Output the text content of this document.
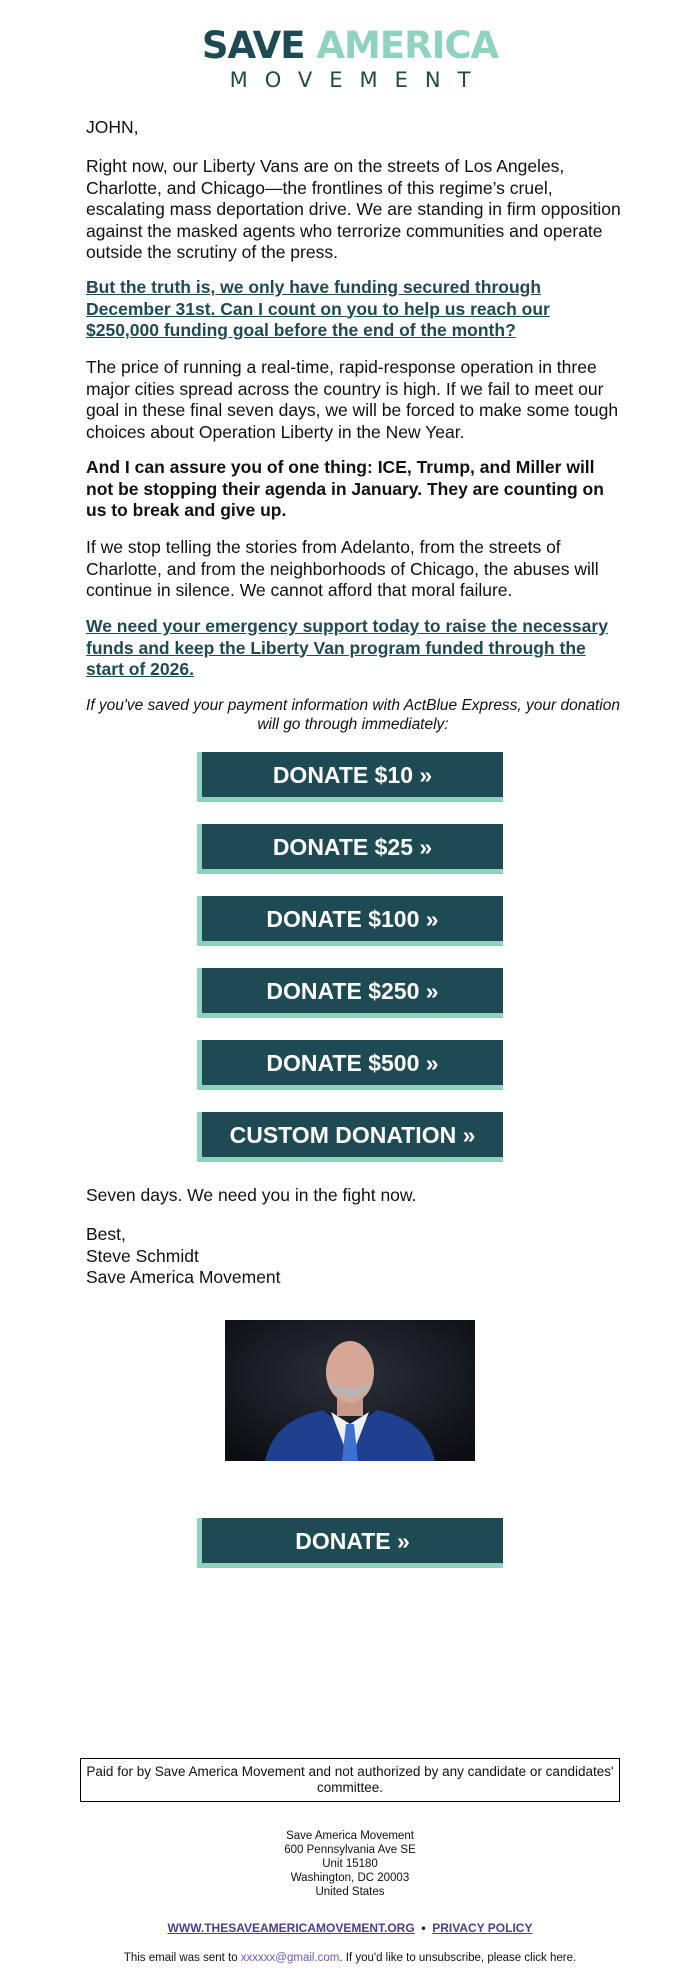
SAVE AMERICA
MOVEMENT
JOHN,
Right now, our Liberty Vans are on the streets of Los Angeles, Charlotte, and Chicago—the frontlines of this regime’s cruel, escalating mass deportation drive. We are standing in firm opposition against the masked agents who terrorize communities and operate outside the scrutiny of the press.
But the truth is, we only have funding secured through December 31st. Can I count on you to help us reach our $250,000 funding goal before the end of the month?
The price of running a real-time, rapid-response operation in three major cities spread across the country is high. If we fail to meet our goal in these final seven days, we will be forced to make some tough choices about Operation Liberty in the New Year.
And I can assure you of one thing: ICE, Trump, and Miller will not be stopping their agenda in January. They are counting on us to break and give up.
If we stop telling the stories from Adelanto, from the streets of Charlotte, and from the neighborhoods of Chicago, the abuses will continue in silence. We cannot afford that moral failure.
We need your emergency support today to raise the necessary funds and keep the Liberty Van program funded through the start of 2026.
If you've saved your payment information with ActBlue Express, your donation will go through immediately:
DONATE $10 »
DONATE $25 »
DONATE $100 »
DONATE $250 »
DONATE $500 »
CUSTOM DONATION »
Seven days. We need you in the fight now.
Best,
Steve Schmidt
Save America Movement
DONATE »
Paid for by Save America Movement and not authorized by any candidate or candidates' committee.
Save America Movement
600 Pennsylvania Ave SE
Unit 15180
Washington, DC 20003
United States
WWW.THESAVEAMERICAMOVEMENT.ORG • PRIVACY POLICY
This email was sent to xxxxxx@gmail.com. If you'd like to unsubscribe, please click here.
